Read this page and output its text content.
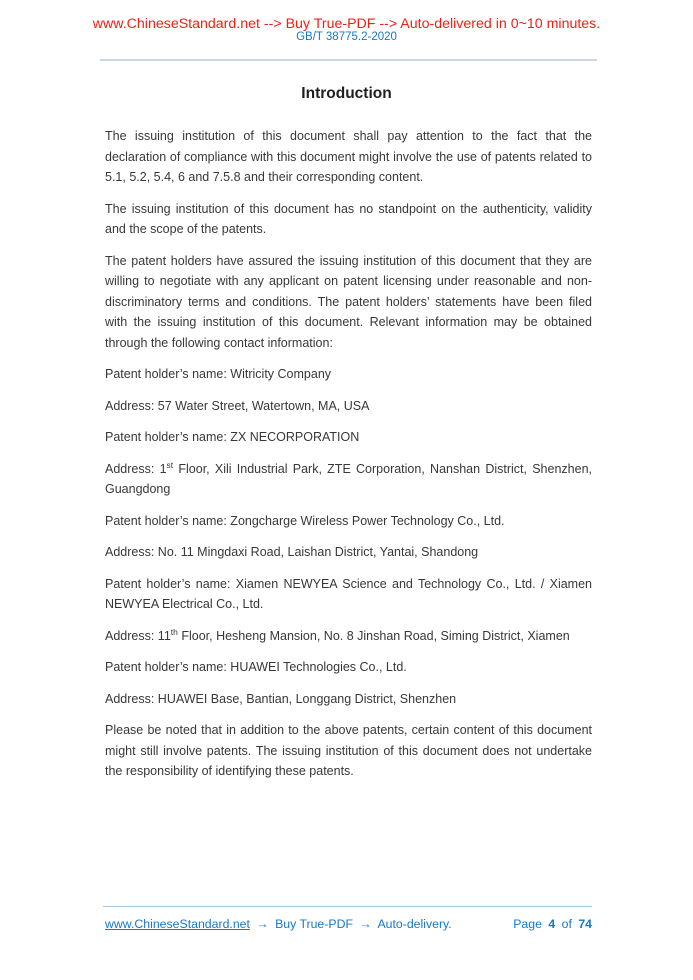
www.ChineseStandard.net --> Buy True-PDF --> Auto-delivered in 0~10 minutes.
GB/T 38775.2-2020
Introduction

The issuing institution of this document shall pay attention to the fact that the declaration of compliance with this document might involve the use of patents related to 5.1, 5.2, 5.4, 6 and 7.5.8 and their corresponding content.

The issuing institution of this document has no standpoint on the authenticity, validity and the scope of the patents.

The patent holders have assured the issuing institution of this document that they are willing to negotiate with any applicant on patent licensing under reasonable and non-discriminatory terms and conditions. The patent holders’ statements have been filed with the issuing institution of this document. Relevant information may be obtained through the following contact information:

Patent holder’s name: Witricity Company

Address: 57 Water Street, Watertown, MA, USA

Patent holder’s name: ZX NECORPORATION

Address: 1st Floor, Xili Industrial Park, ZTE Corporation, Nanshan District, Shenzhen, Guangdong

Patent holder’s name: Zongcharge Wireless Power Technology Co., Ltd.

Address: No. 11 Mingdaxi Road, Laishan District, Yantai, Shandong

Patent holder’s name: Xiamen NEWYEA Science and Technology Co., Ltd. / Xiamen NEWYEA Electrical Co., Ltd.

Address: 11th Floor, Hesheng Mansion, No. 8 Jinshan Road, Siming District, Xiamen

Patent holder’s name: HUAWEI Technologies Co., Ltd.

Address: HUAWEI Base, Bantian, Longgang District, Shenzhen

Please be noted that in addition to the above patents, certain content of this document might still involve patents. The issuing institution of this document does not undertake the responsibility of identifying these patents.

www.ChineseStandard.net → Buy True-PDF → Auto-delivery.	Page 4 of 74
